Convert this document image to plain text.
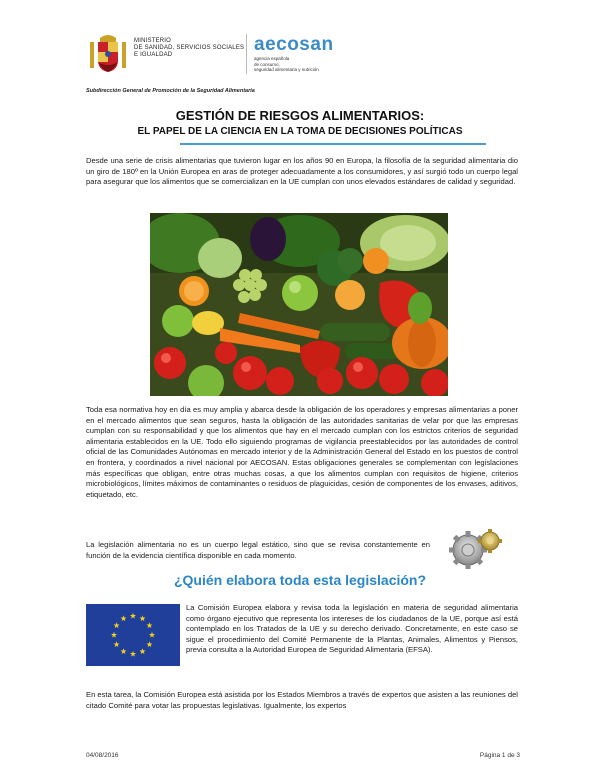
MINISTERIO
DE SANIDAD, SERVICIOS SOCIALES
E IGUALDAD	aecosan
agencia española
de consumo,
seguridad alimentaria y nutrición
Subdirección General de Promoción de la Seguridad Alimentaria
GESTIÓN DE RIESGOS ALIMENTARIOS:
EL PAPEL DE LA CIENCIA EN LA TOMA DE DECISIONES POLÍTICAS

Desde una serie de crisis alimentarias que tuvieron lugar en los años 90 en Europa, la filosofía de la seguridad alimentaria dio un giro de 180º en la Unión Europea en aras de proteger adecuadamente a los consumidores, y así surgió todo un cuerpo legal para asegurar que los alimentos que se comercializan en la UE cumplan con unos elevados estándares de calidad y seguridad.

Toda esa normativa hoy en día es muy amplia y abarca desde la obligación de los operadores y empresas alimentarias a poner en el mercado alimentos que sean seguros, hasta la obligación de las autoridades sanitarias de velar por que las empresas cumplan con su responsabilidad y que los alimentos que hay en el mercado cumplan con los estrictos criterios de seguridad alimentaria establecidos en la UE. Todo ello siguiendo programas de vigilancia preestablecidos por las autoridades de control oficial de las Comunidades Autónomas en mercado interior y de la Administración General del Estado en los puestos de control en frontera, y coordinados a nivel nacional por AECOSAN. Estas obligaciones generales se complementan con legislaciones más específicas que obligan, entre otras muchas cosas, a que los alimentos cumplan con requisitos de higiene, criterios microbiológicos, límites máximos de contaminantes o residuos de plaguicidas, cesión de componentes de los envases, aditivos, etiquetado, etc.

La legislación alimentaria no es un cuerpo legal estático, sino que se revisa constantemente en función de la evidencia científica disponible en cada momento.

¿Quién elabora toda esta legislación?

La Comisión Europea elabora y revisa toda la legislación en materia de seguridad alimentaria como órgano ejecutivo que representa los intereses de los ciudadanos de la UE, porque así está contemplado en los Tratados de la UE y su derecho derivado. Concretamente, en este caso se sigue el procedimiento del Comité Permanente de la Plantas, Animales, Alimentos y Piensos, previa consulta a la Autoridad Europea de Seguridad Alimentaria (EFSA).

En esta tarea, la Comisión Europea está asistida por los Estados Miembros a través de expertos que asisten a las reuniones del citado Comité para votar las propuestas legislativas. Igualmente, los expertos

04/08/2016	Página 1 de 3
